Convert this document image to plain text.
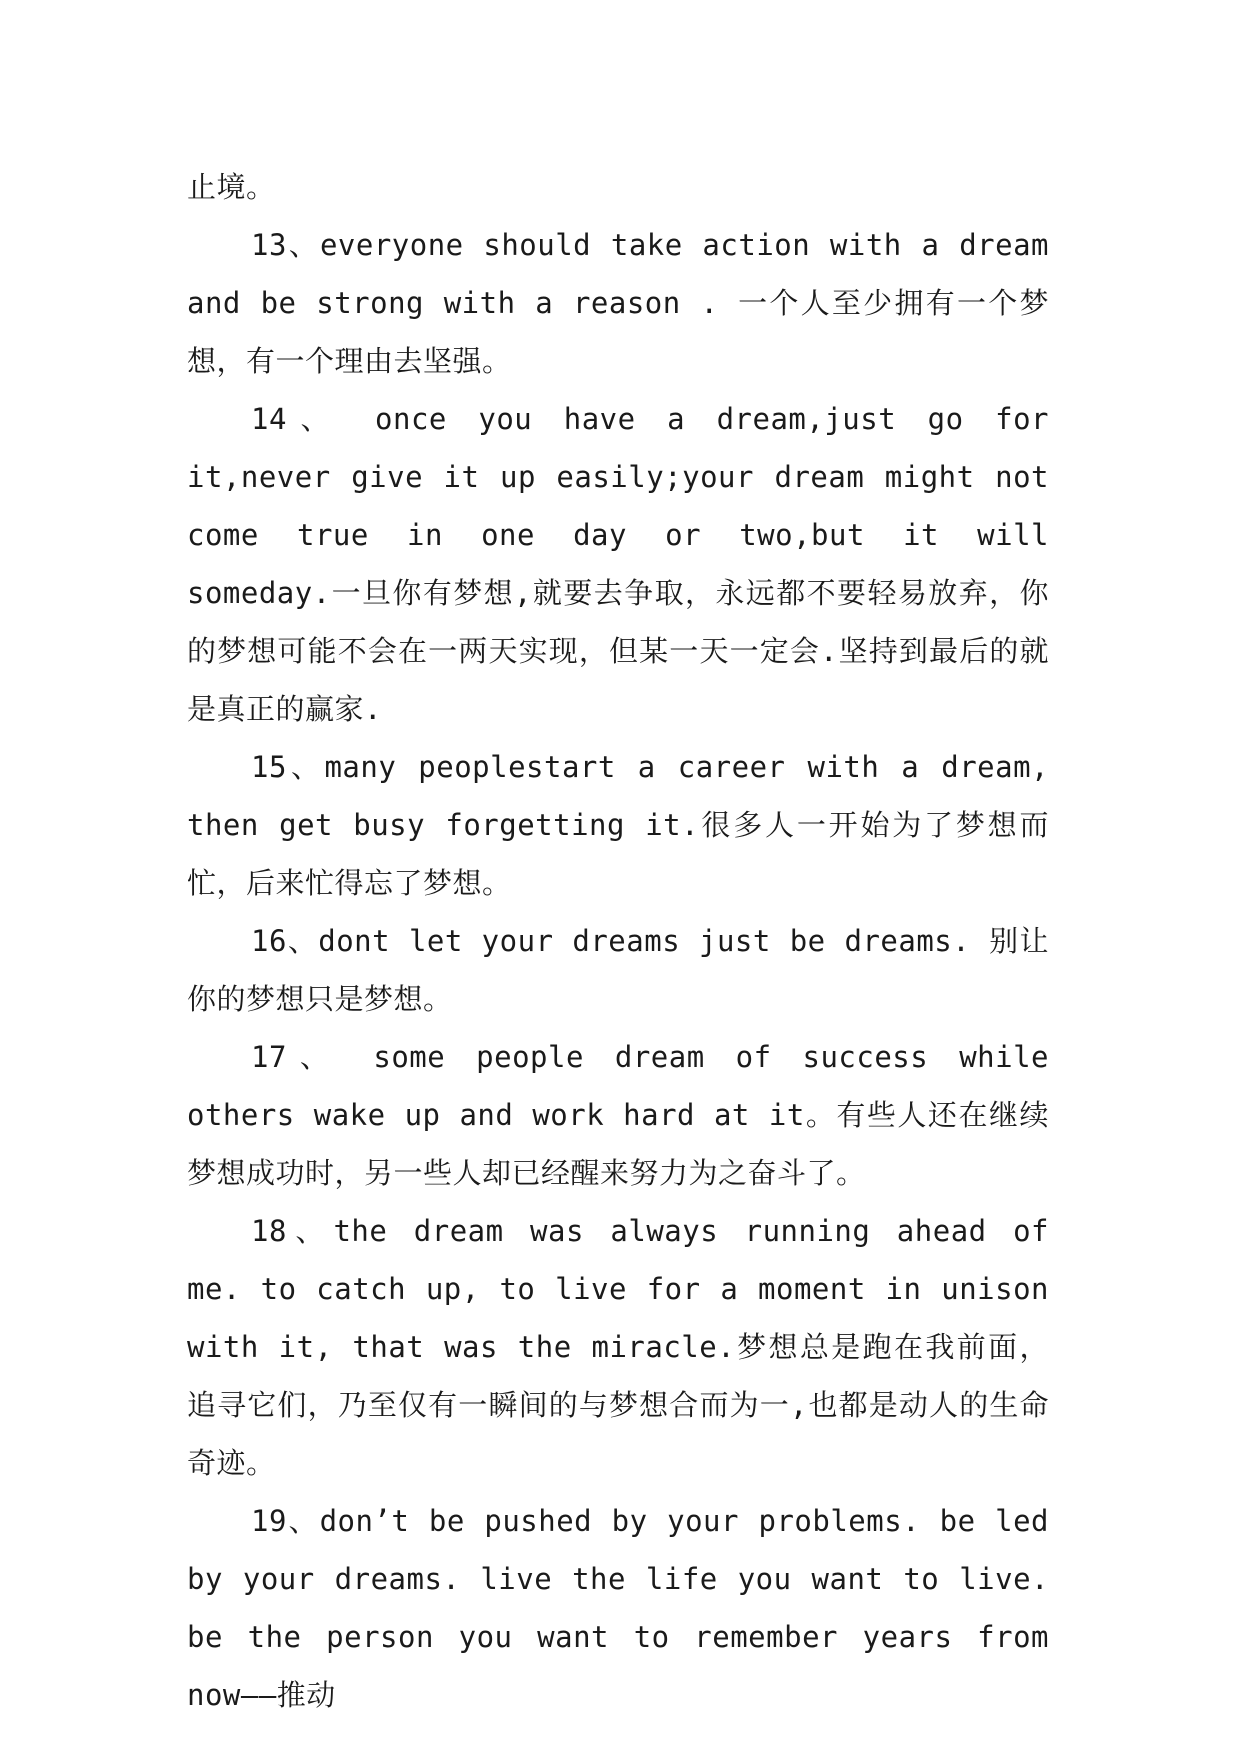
止境。

13、everyone should take action with a dream and be strong with a reason . 一个人至少拥有一个梦想，有一个理由去坚强。

14、 once you have a dream,just go for it,never give it up easily;your dream might not come true in one day or two,but it will someday.一旦你有梦想,就要去争取，永远都不要轻易放弃，你的梦想可能不会在一两天实现，但某一天一定会.坚持到最后的就是真正的赢家.

15、many peoplestart a career with a dream, then get busy forgetting it.很多人一开始为了梦想而忙，后来忙得忘了梦想。

16、dont let your dreams just be dreams. 别让你的梦想只是梦想。

17、 some people dream of success while others wake up and work hard at it。有些人还在继续梦想成功时，另一些人却已经醒来努力为之奋斗了。

18、the dream was always running ahead of me. to catch up, to live for a moment in unison with it, that was the miracle.梦想总是跑在我前面，追寻它们，乃至仅有一瞬间的与梦想合而为一,也都是动人的生命奇迹。

19、don’t be pushed by your problems. be led by your dreams. live the life you want to live. be the person you want to remember years from now——推动
